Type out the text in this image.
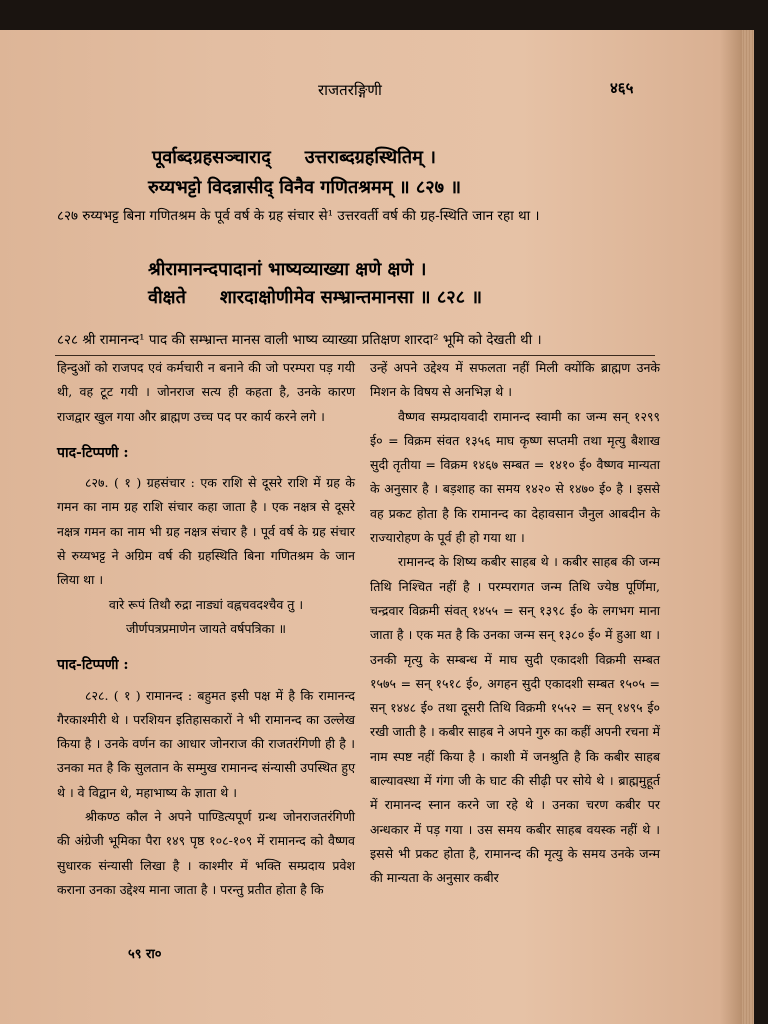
राजतरङ्गिणी	४६५
पूर्वाब्दग्रहसञ्चाराद् उत्तराब्दग्रहस्थितिम् ।
रुय्यभट्टो विदन्नासीद् विनैव गणितश्रमम् ॥ ८२७ ॥
८२७ रुय्यभट्ट बिना गणितश्रम के पूर्व वर्ष के ग्रह संचार से¹ उत्तरवर्ती वर्ष की ग्रह-स्थिति जान रहा था ।
श्रीरामानन्दपादानां भाष्यव्याख्या क्षणे क्षणे ।
वीक्षते शारदाक्षोणीमेव सम्भ्रान्तमानसा ॥ ८२८ ॥
८२८ श्री रामानन्द¹ पाद की सम्भ्रान्त मानस वाली भाष्य व्याख्या प्रतिक्षण शारदा² भूमि को देखती थी ।

हिन्दुओं को राजपद एवं कर्मचारी न बनाने की जो परम्परा पड़ गयी थी, वह टूट गयी । जोनराज सत्य ही कहता है, उनके कारण राजद्वार खुल गया और ब्राह्मण उच्च पद पर कार्य करने लगे ।

पाद-टिप्पणी :

८२७. ( १ ) ग्रहसंचार : एक राशि से दूसरे राशि में ग्रह के गमन का नाम ग्रह राशि संचार कहा जाता है । एक नक्षत्र से दूसरे नक्षत्र गमन का नाम भी ग्रह नक्षत्र संचार है । पूर्व वर्ष के ग्रह संचार से रुय्यभट्ट ने अग्रिम वर्ष की ग्रहस्थिति बिना गणितश्रम के जान लिया था ।

वारे रूपं तिथौ रुद्रा नाड्यां वह्नचवदश्चैव तु ।

जीर्णपत्रप्रमाणेन जायते वर्षपत्रिका ॥

पाद-टिप्पणी :

८२८. ( १ ) रामानन्द : बहुमत इसी पक्ष में है कि रामानन्द गैरकाश्मीरी थे । परशियन इतिहासकारों ने भी रामानन्द का उल्लेख किया है । उनके वर्णन का आधार जोनराज की राजतरंगिणी ही है । उनका मत है कि सुलतान के सम्मुख रामानन्द संन्यासी उपस्थित हुए थे । वे विद्वान थे, महाभाष्य के ज्ञाता थे ।

श्रीकण्ठ कौल ने अपने पाण्डित्यपूर्ण ग्रन्थ जोनराजतरंगिणी की अंग्रेजी भूमिका पैरा १४९ पृष्ठ १०८-१०९ में रामानन्द को वैष्णव सुधारक संन्यासी लिखा है । काश्मीर में भक्ति सम्प्रदाय प्रवेश कराना उनका उद्देश्य माना जाता है । परन्तु प्रतीत होता है कि

उन्हें अपने उद्देश्य में सफलता नहीं मिली क्योंकि ब्राह्मण उनके मिशन के विषय से अनभिज्ञ थे ।

वैष्णव सम्प्रदायवादी रामानन्द स्वामी का जन्म सन् १२९९ ई० = विक्रम संवत १३५६ माघ कृष्ण सप्तमी तथा मृत्यु बैशाख सुदी तृतीया = विक्रम १४६७ सम्बत = १४१० ई० वैष्णव मान्यता के अनुसार है । बड़शाह का समय १४२० से १४७० ई० है । इससे वह प्रकट होता है कि रामानन्द का देहावसान जैनुल आबदीन के राज्यारोहण के पूर्व ही हो गया था ।

रामानन्द के शिष्य कबीर साहब थे । कबीर साहब की जन्म तिथि निश्चित नहीं है । परम्परागत जन्म तिथि ज्येष्ठ पूर्णिमा, चन्द्रवार विक्रमी संवत् १४५५ = सन् १३९८ ई० के लगभग माना जाता है । एक मत है कि उनका जन्म सन् १३८० ई० में हुआ था । उनकी मृत्यु के सम्बन्ध में माघ सुदी एकादशी विक्रमी सम्बत १५७५ = सन् १५१८ ई०, अगहन सुदी एकादशी सम्बत १५०५ = सन् १४४८ ई० तथा दूसरी तिथि विक्रमी १५५२ = सन् १४९५ ई० रखी जाती है । कबीर साहब ने अपने गुरु का कहीं अपनी रचना में नाम स्पष्ट नहीं किया है । काशी में जनश्रुति है कि कबीर साहब बाल्यावस्था में गंगा जी के घाट की सीढ़ी पर सोये थे । ब्राह्ममुहूर्त में रामानन्द स्नान करने जा रहे थे । उनका चरण कबीर पर अन्धकार में पड़ गया । उस समय कबीर साहब वयस्क नहीं थे । इससे भी प्रकट होता है, रामानन्द की मृत्यु के समय उनके जन्म की मान्यता के अनुसार कबीर

५९ रा०
